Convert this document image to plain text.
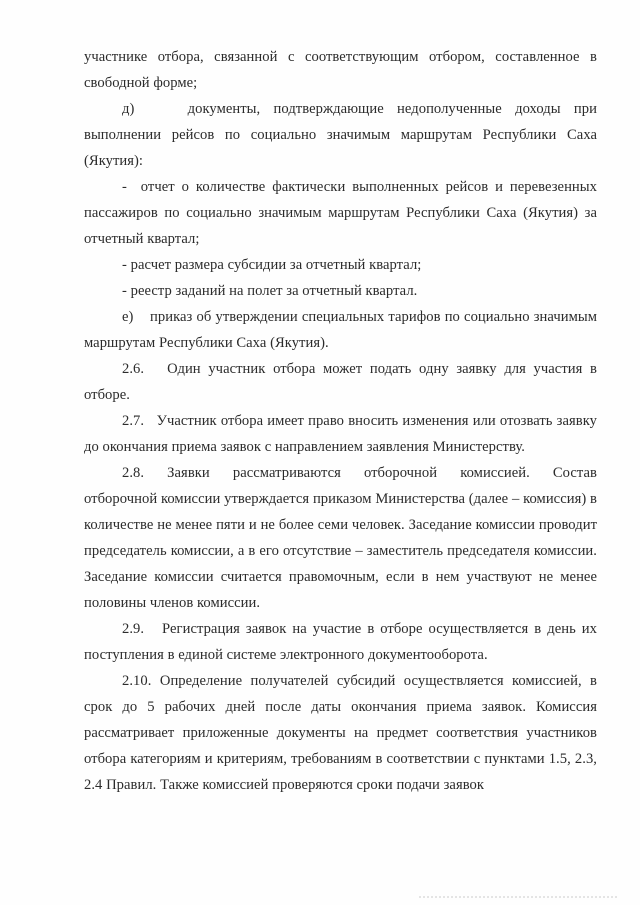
участнике отбора, связанной с соответствующим отбором, составленное в свободной форме;

д)    документы, подтверждающие недополученные доходы при выполнении рейсов по социально значимым маршрутам Республики Саха (Якутия):

-  отчет о количестве фактически выполненных рейсов и перевезенных пассажиров по социально значимым маршрутам Республики Саха (Якутия) за отчетный квартал;

- расчет размера субсидии за отчетный квартал;

- реестр заданий на полет за отчетный квартал.

е)    приказ об утверждении специальных тарифов по социально значимым маршрутам Республики Саха (Якутия).

2.6.   Один участник отбора может подать одну заявку для участия в отборе.

2.7.   Участник отбора имеет право вносить изменения или отозвать заявку до окончания приема заявок с направлением заявления Министерству.

2.8.   Заявки   рассматриваются   отборочной   комиссией.   Состав отборочной комиссии утверждается приказом Министерства (далее – комиссия) в количестве не менее пяти и не более семи человек. Заседание комиссии проводит председатель комиссии, а в его отсутствие – заместитель председателя комиссии. Заседание комиссии считается правомочным, если в нем участвуют не менее половины членов комиссии.

2.9.   Регистрация заявок на участие в отборе осуществляется в день их поступления в единой системе электронного документооборота.

2.10. Определение получателей субсидий осуществляется комиссией, в срок до 5 рабочих дней после даты окончания приема заявок. Комиссия рассматривает приложенные документы на предмет соответствия участников отбора категориям и критериям, требованиям в соответствии с пунктами 1.5, 2.3, 2.4 Правил. Также комиссией проверяются сроки подачи заявок
